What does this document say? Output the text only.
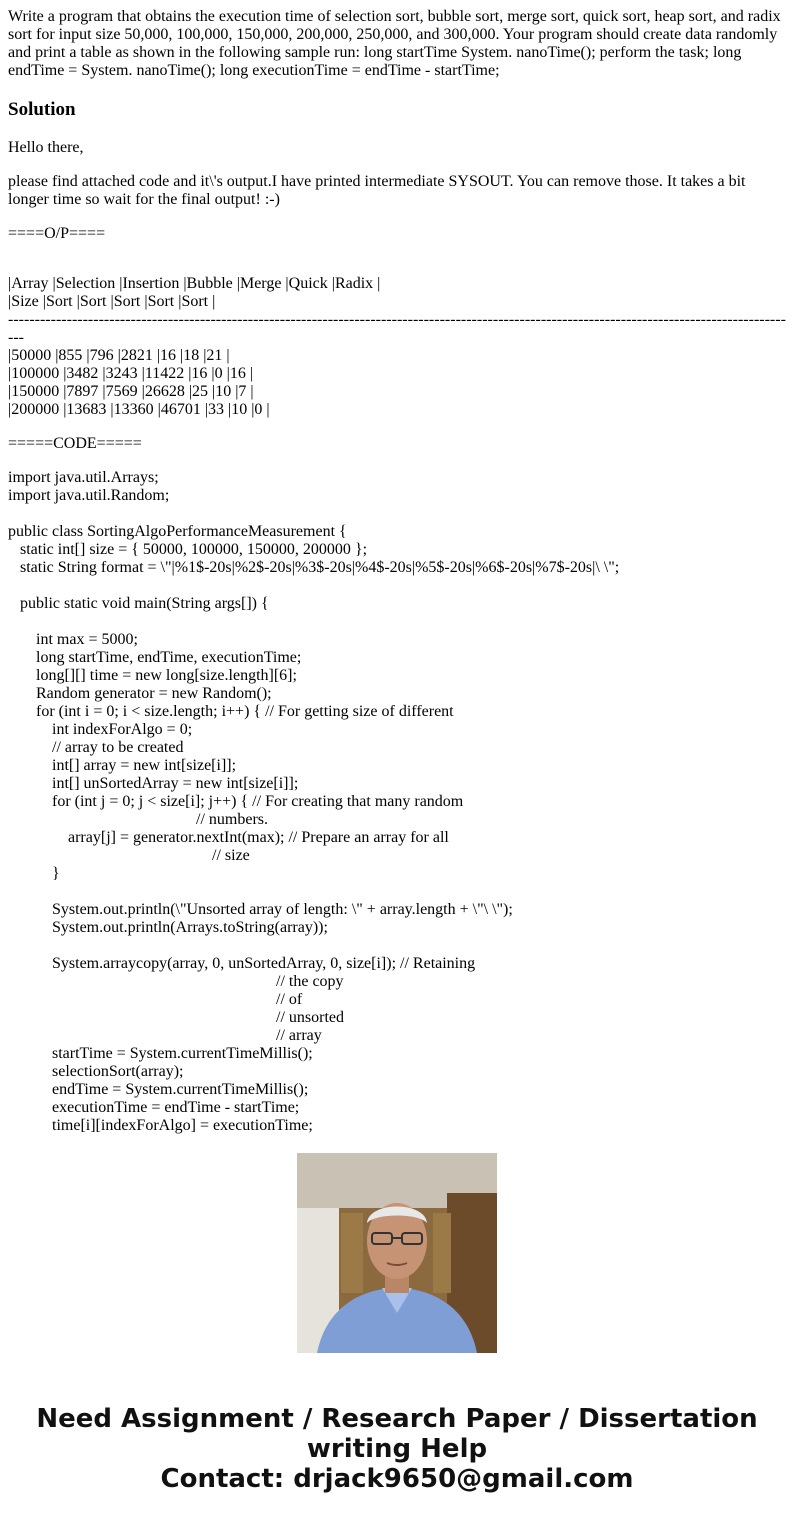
Write a program that obtains the execution time of selection sort, bubble sort, merge sort, quick sort, heap sort, and radix sort for input size 50,000, 100,000, 150,000, 200,000, 250,000, and 300,000. Your program should create data randomly and print a table as shown in the following sample run: long startTime System. nanoTime(); perform the task; long endTime = System. nanoTime(); long executionTime = endTime - startTime;

Solution

Hello there,

please find attached code and it\'s output.I have printed intermediate SYSOUT. You can remove those. It takes a bit longer time so wait for the final output! :-)

====O/P====

|Array |Selection |Insertion |Bubble |Merge |Quick |Radix |
|Size |Sort |Sort |Sort |Sort |Sort |
-----------------------------------------------------------------------------------------------------------------------------------------------------
|50000 |855 |796 |2821 |16 |18 |21 |
|100000 |3482 |3243 |11422 |16 |0 |16 |
|150000 |7897 |7569 |26628 |25 |10 |7 |
|200000 |13683 |13360 |46701 |33 |10 |0 |

=====CODE=====

import java.util.Arrays;
import java.util.Random;
public class SortingAlgoPerformanceMeasurement {
static int[] size = { 50000, 100000, 150000, 200000 };
static String format = \"|%1$-20s|%2$-20s|%3$-20s|%4$-20s|%5$-20s|%6$-20s|%7$-20s|\ \";
public static void main(String args[]) {
int max = 5000;
long startTime, endTime, executionTime;
long[][] time = new long[size.length][6];
Random generator = new Random();
for (int i = 0; i < size.length; i++) { // For getting size of different
int indexForAlgo = 0;
// array to be created
int[] array = new int[size[i]];
int[] unSortedArray = new int[size[i]];
for (int j = 0; j < size[i]; j++) { // For creating that many random
// numbers.
array[j] = generator.nextInt(max); // Prepare an array for all
// size
}
System.out.println(\"Unsorted array of length: \" + array.length + \"\ \");
System.out.println(Arrays.toString(array));
System.arraycopy(array, 0, unSortedArray, 0, size[i]); // Retaining
// the copy
// of
// unsorted
// array
startTime = System.currentTimeMillis();
selectionSort(array);
endTime = System.currentTimeMillis();
executionTime = endTime - startTime;
time[i][indexForAlgo] = executionTime;
Need Assignment / Research Paper / Dissertation
writing Help
Contact: drjack9650@gmail.com
